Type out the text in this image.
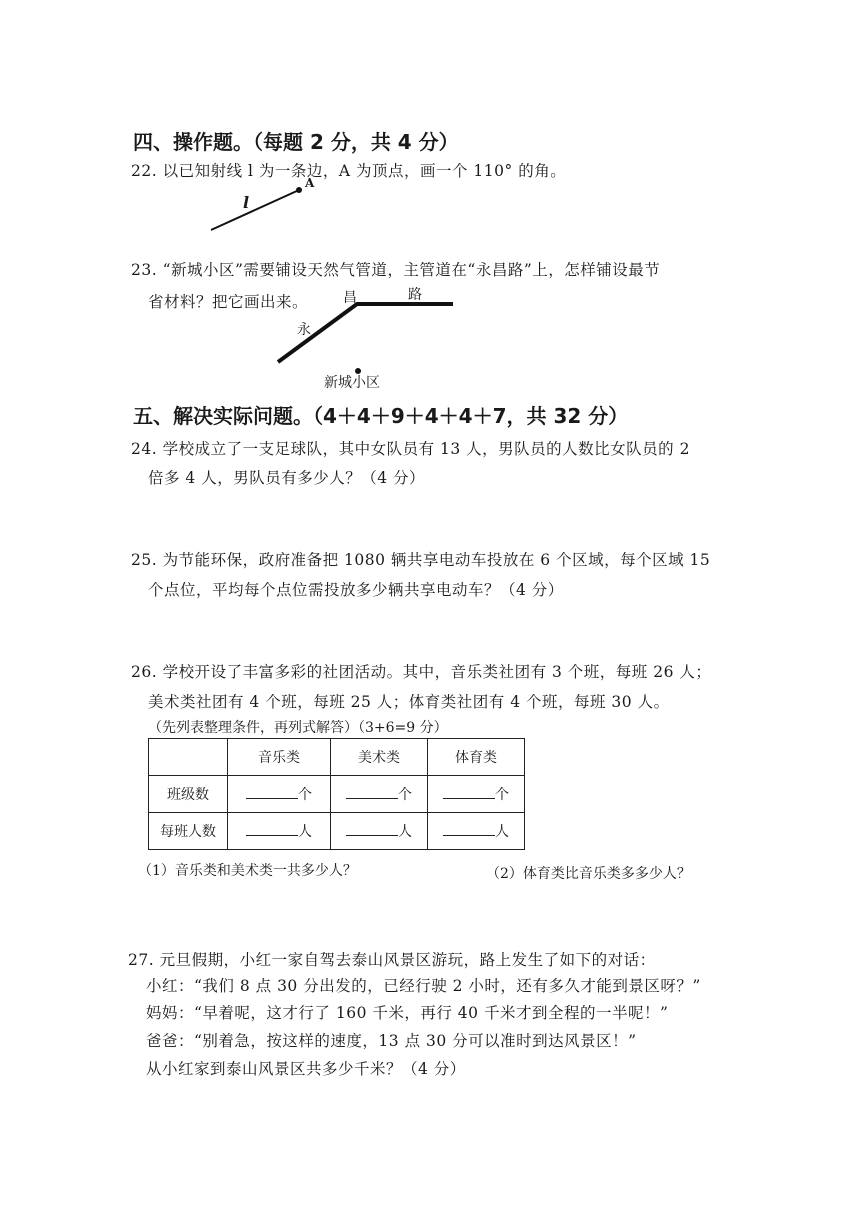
四、操作题。（每题 2 分，共 4 分）
22. 以已知射线 l 为一条边，A 为顶点，画一个 110° 的角。
l
A
23. “新城小区”需要铺设天然气管道，主管道在“永昌路”上，怎样铺设最节
省材料？把它画出来。
永
昌	路
新城小区
五、解决实际问题。（4＋4＋9＋4＋4＋7，共 32 分）
24. 学校成立了一支足球队，其中女队员有 13 人，男队员的人数比女队员的 2
倍多 4 人，男队员有多少人？（4 分）
25. 为节能环保，政府准备把 1080 辆共享电动车投放在 6 个区域，每个区域 15
个点位，平均每个点位需投放多少辆共享电动车？（4 分）
26. 学校开设了丰富多彩的社团活动。其中，音乐类社团有 3 个班，每班 26 人；
美术类社团有 4 个班，每班 25 人；体育类社团有 4 个班，每班 30 人。
（先列表整理条件，再列式解答）（3+6=9 分）
	音乐类	美术类	体育类
班级数	个	个	个
每班人数	人	人	人
（1）音乐类和美术类一共多少人？	（2）体育类比音乐类多多少人？
27. 元旦假期，小红一家自驾去泰山风景区游玩，路上发生了如下的对话：
小红：“我们 8 点 30 分出发的，已经行驶 2 小时，还有多久才能到景区呀？”
妈妈：“早着呢，这才行了 160 千米，再行 40 千米才到全程的一半呢！”
爸爸：“别着急，按这样的速度，13 点 30 分可以准时到达风景区！”
从小红家到泰山风景区共多少千米？（4 分）
